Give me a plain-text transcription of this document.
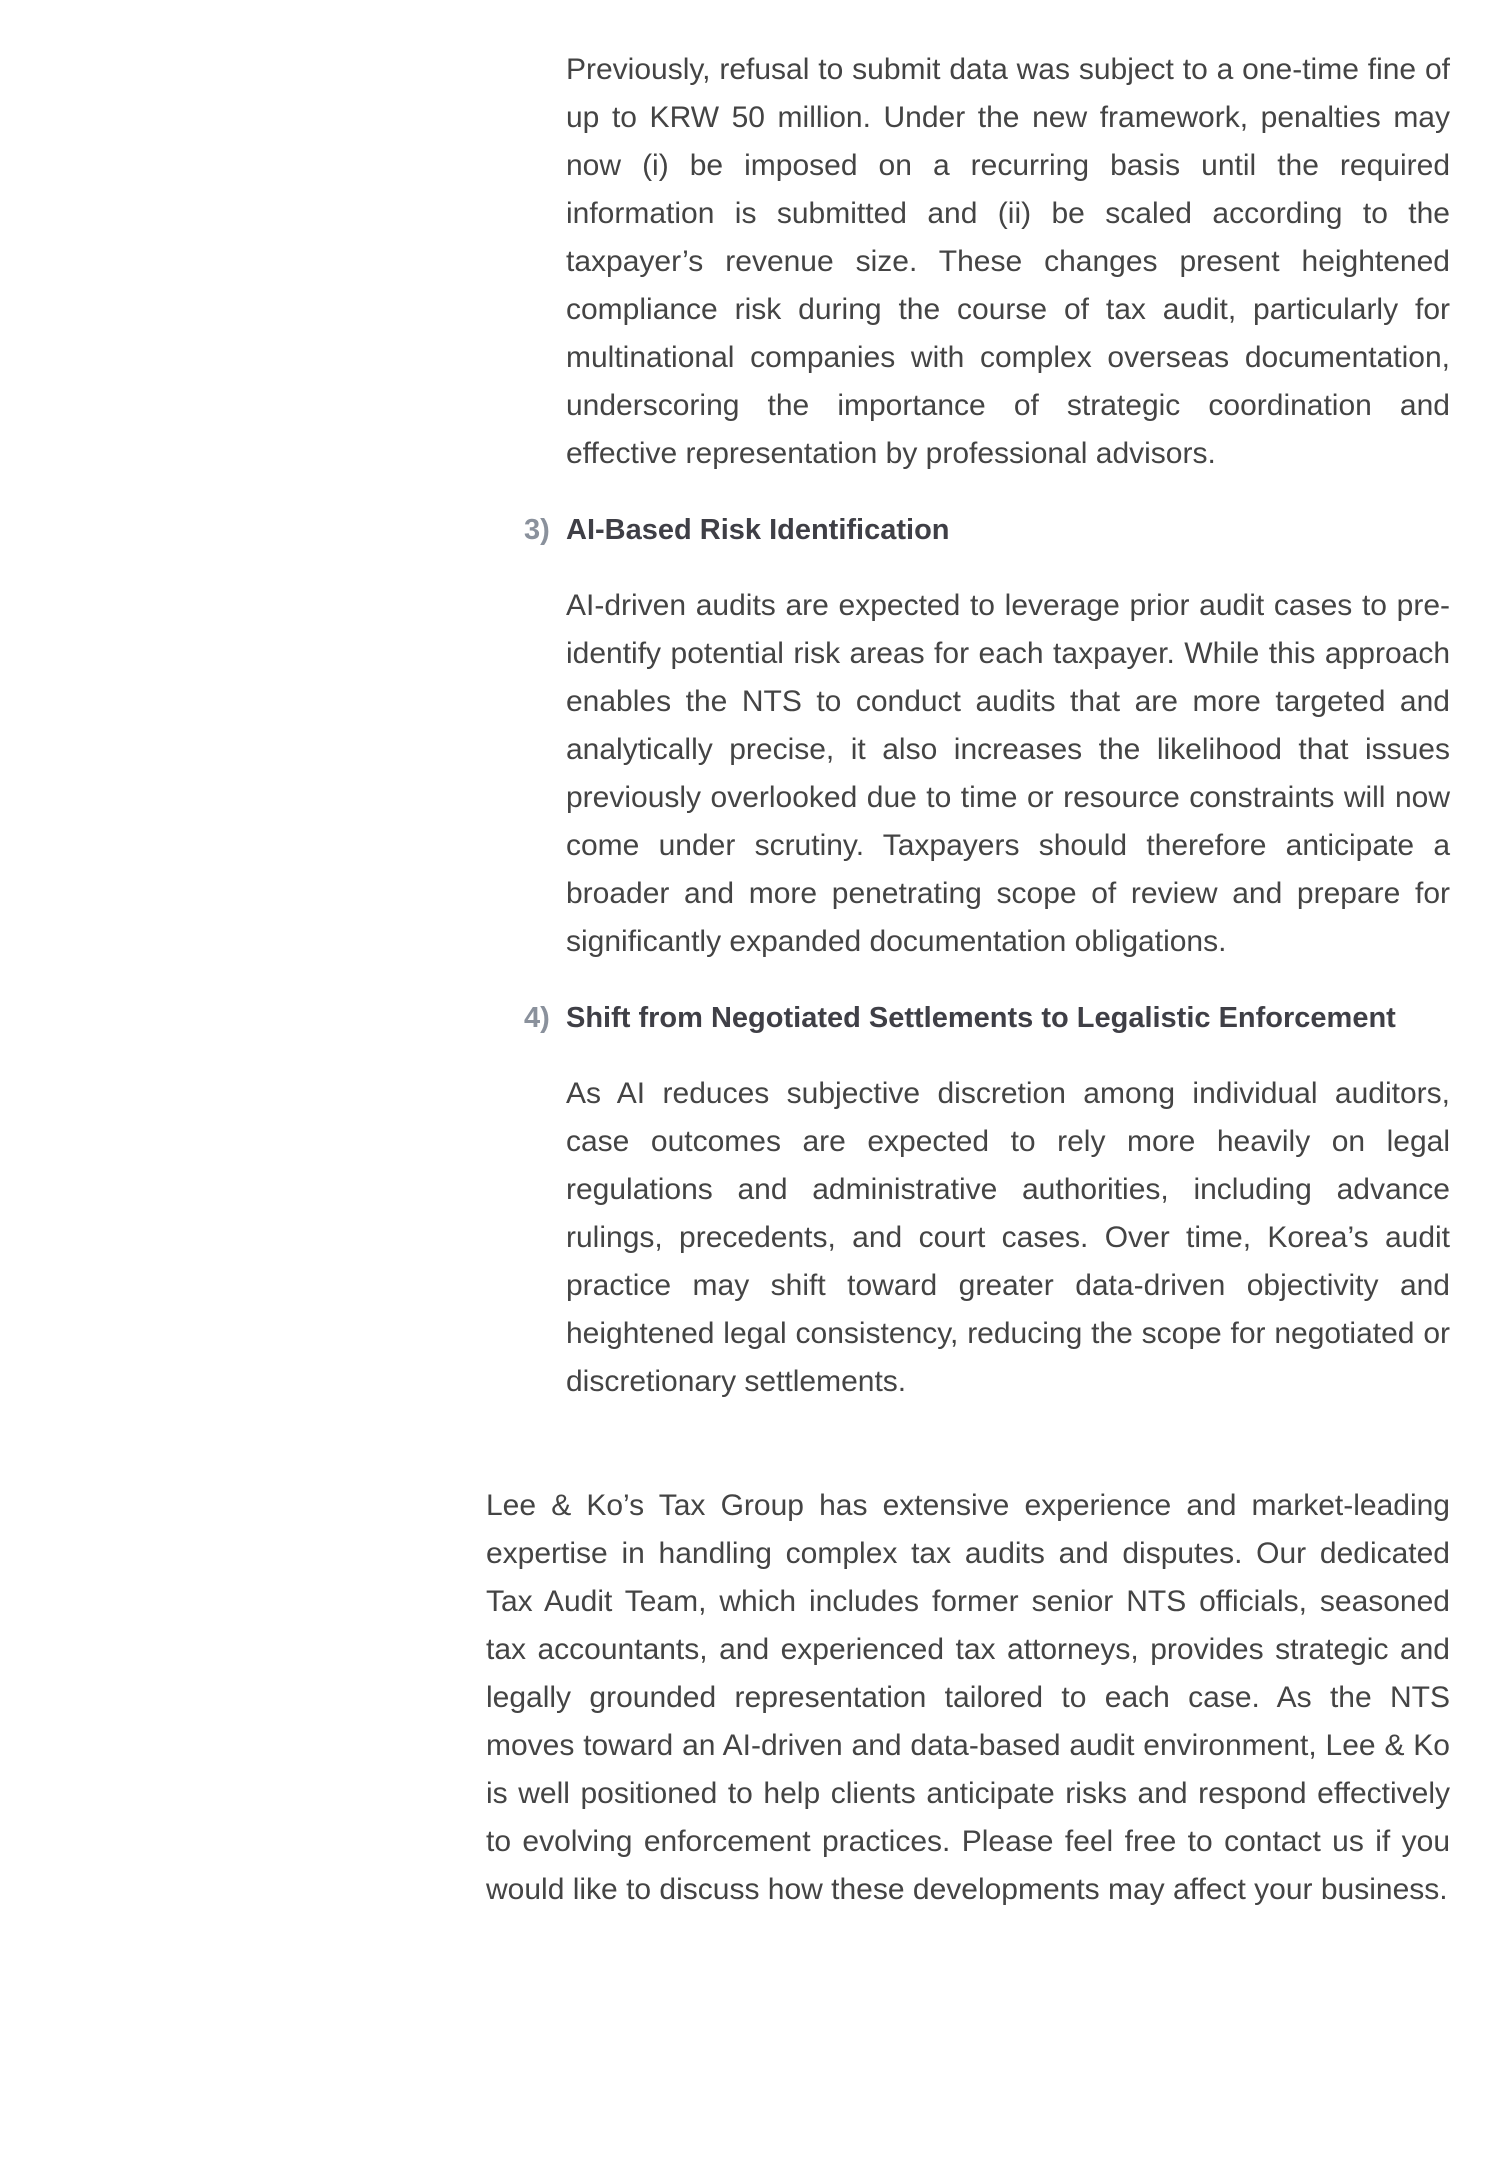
Previously, refusal to submit data was subject to a one-time fine of up to KRW 50 million. Under the new framework, penalties may now (i) be imposed on a recurring basis until the required information is submitted and (ii) be scaled according to the taxpayer’s revenue size. These changes present heightened compliance risk during the course of tax audit, particularly for multinational companies with complex overseas documentation, underscoring the importance of strategic coordination and effective representation by professional advisors.

3) AI-Based Risk Identification

AI-driven audits are expected to leverage prior audit cases to pre-identify potential risk areas for each taxpayer. While this approach enables the NTS to conduct audits that are more targeted and analytically precise, it also increases the likelihood that issues previously overlooked due to time or resource constraints will now come under scrutiny. Taxpayers should therefore anticipate a broader and more penetrating scope of review and prepare for significantly expanded documentation obligations.

4) Shift from Negotiated Settlements to Legalistic Enforcement

As AI reduces subjective discretion among individual auditors, case outcomes are expected to rely more heavily on legal regulations and administrative authorities, including advance rulings, precedents, and court cases. Over time, Korea’s audit practice may shift toward greater data-driven objectivity and heightened legal consistency, reducing the scope for negotiated or discretionary settlements.

Lee & Ko’s Tax Group has extensive experience and market-leading expertise in handling complex tax audits and disputes. Our dedicated Tax Audit Team, which includes former senior NTS officials, seasoned tax accountants, and experienced tax attorneys, provides strategic and legally grounded representation tailored to each case. As the NTS moves toward an AI-driven and data-based audit environment, Lee & Ko is well positioned to help clients anticipate risks and respond effectively to evolving enforcement practices. Please feel free to contact us if you would like to discuss how these developments may affect your business.
